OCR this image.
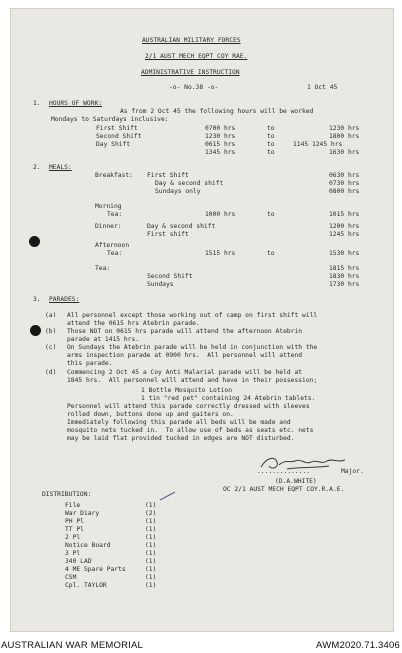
AUSTRALIAN MILITARY FORCES
2/1 AUST MECH EQPT COY RAE.
ADMINISTRATIVE INSTRUCTION
-o- No.38 -o-	1 Oct 45
1. HOURS OF WORK:
As from 2 Oct 45 the following hours will be worked
Mondays to Saturdays inclusive:
First Shift	0700 hrs	to	1230 hrs
Second Shift	1230 hrs	to	1800 hrs
Day Shift	0615 hrs	to	1145 1245 hrs
1345 hrs	to	1630 hrs
2. MEALS:
Breakfast: First Shift	0630 hrs
Day & second shift	0730 hrs
Sundays only	0800 hrs
Morning
Tea:	1000 hrs	to	1015 hrs
Dinner:	Day & second shift	1200 hrs
First shift	1245 hrs
Afternoon
Tea:	1515 hrs	to	1530 hrs
Tea:	1815 hrs
Second Shift	1830 hrs
Sundays	1730 hrs
3. PARADES:
(a) All personnel except those working out of camp on first shift will
attend the 0615 hrs Atebrin parade.
(b) Those NOT on 0615 hrs parade will attend the afternoon Atebrin
parade at 1415 hrs.
(c) On Sundays the Atebrin parade will be held in conjunction with the
arms inspection parade at 0900 hrs.  All personnel will attend
this parade.
(d) Commencing 2 Oct 45 a Coy Anti Malarial parade will be held at
1845 hrs.  All personnel will attend and have in their possession;
1 Bottle Mosquito Lotion
1 tin "red pet" containing 24 Atebrin tablets.
Personnel will attend this parade correctly dressed with sleeves
rolled down, buttons done up and gaiters on.
Immediately following this parade all beds will be made and
mosquito nets tucked in.  To allow use of beds as seats etc. nets
may be laid flat provided tucked in edges are NOT disturbed.
..............	Major.
(D.A.WHITE)
OC 2/1 AUST MECH EQPT COY.R.A.E.
DISTRIBUTION:
File	(1)
War Diary	(2)
PH Pl	(1)
TT Pl	(1)
2 Pl	(1)
Notice Board	(1)
3 Pl	(1)
340 LAD	(1)
4 ME Spare Parts	(1)
CSM	(1)
Cpl. TAYLOR	(1)
AUSTRALIAN WAR MEMORIAL	AWM2020.71.3406
